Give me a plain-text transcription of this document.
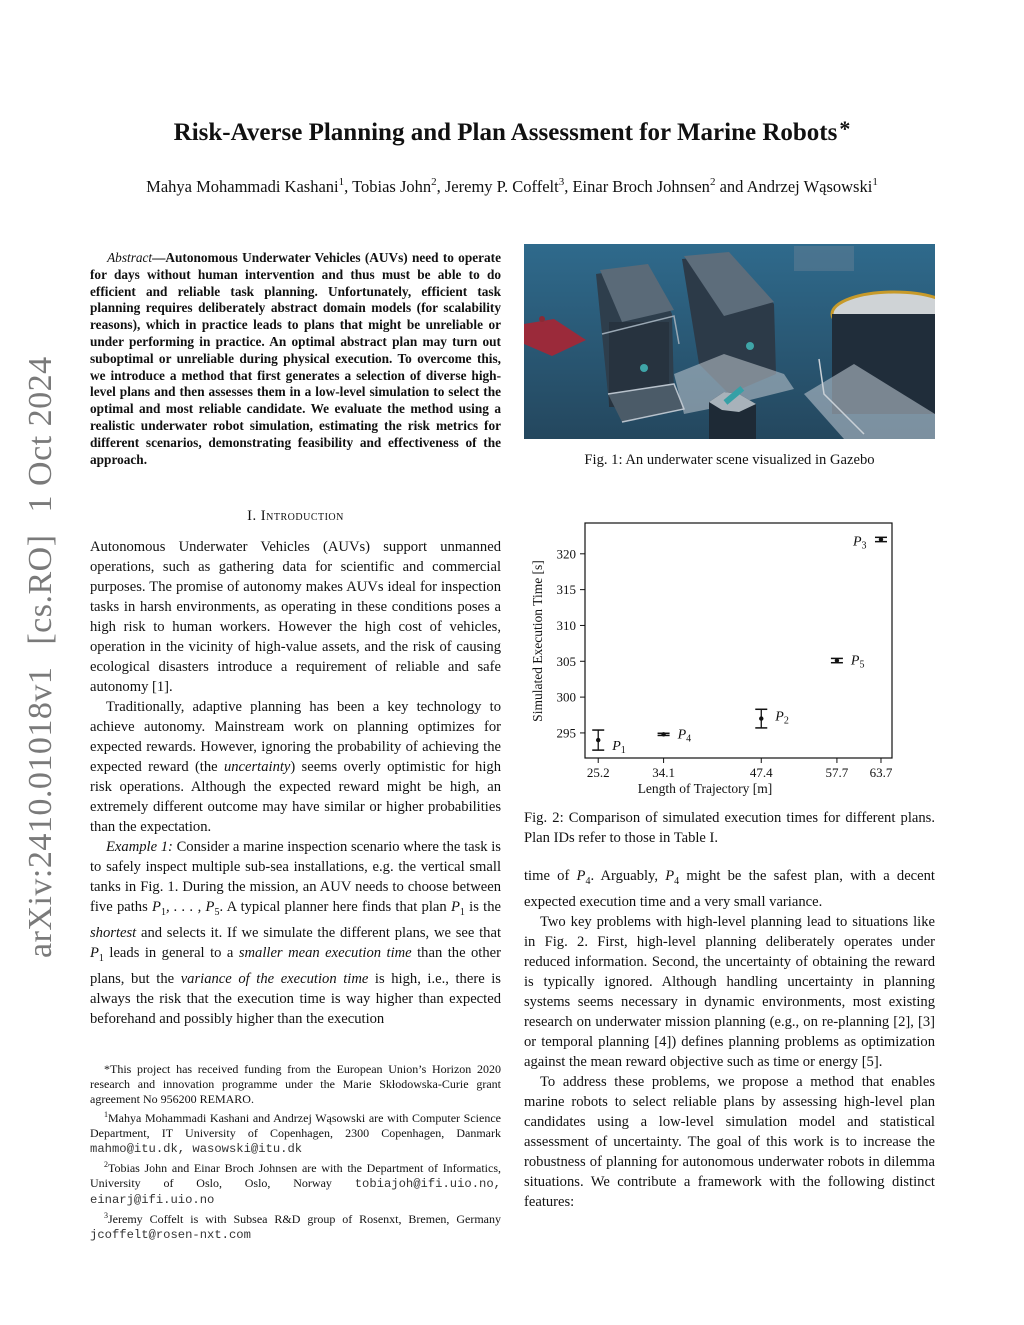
arXiv:2410.01018v1[cs.RO]1 Oct 2024
Risk-Averse Planning and Plan Assessment for Marine Robots*
Mahya Mohammadi Kashani$^1$, Tobias John$^2$, Jeremy P. Coffelt$^3$, Einar Broch Johnsen$^2$ and Andrzej Wąsowski$^1$
Abstract—Autonomous Underwater Vehicles (AUVs) need to operate for days without human intervention and thus must be able to do efficient and reliable task planning. Unfortunately, efficient task planning requires deliberately abstract domain models (for scalability reasons), which in practice leads to plans that might be unreliable or under performing in practice. An optimal abstract plan may turn out suboptimal or unreliable during physical execution. To overcome this, we introduce a method that first generates a selection of diverse high-level plans and then assesses them in a low-level simulation to select the optimal and most reliable candidate. We evaluate the method using a realistic underwater robot simulation, estimating the risk metrics for different scenarios, demonstrating feasibility and effectiveness of the approach.
I. Introduction

Autonomous Underwater Vehicles (AUVs) support unmanned operations, such as gathering data for scientific and commercial purposes. The promise of autonomy makes AUVs ideal for inspection tasks in harsh environments, as operating in these conditions poses a high risk to human workers. However the high cost of vehicles, operation in the vicinity of high-value assets, and the risk of causing ecological disasters introduce a requirement of reliable and safe autonomy [1].

Traditionally, adaptive planning has been a key technology to achieve autonomy. Mainstream work on planning optimizes for expected rewards. However, ignoring the probability of achieving the expected reward (the uncertainty) seems overly optimistic for high risk operations. Although the expected reward might be high, an extremely different outcome may have similar or higher probabilities than the expectation.

Example 1: Consider a marine inspection scenario where the task is to safely inspect multiple sub-sea installations, e.g. the vertical small tanks in Fig. 1. During the mission, an AUV needs to choose between five paths $P_1$, . . . , $P_5$. A typical planner here finds that plan $P_1$ is the shortest and selects it. If we simulate the different plans, we see that $P_1$ leads in general to a smaller mean execution time than the other plans, but the variance of the execution time is high, i.e., there is always the risk that the execution time is way higher than expected beforehand and possibly higher than the execution

*This project has received funding from the European Union’s Horizon 2020 research and innovation programme under the Marie Skłodowska-Curie grant agreement No 956200 REMARO.

$^1$Mahya Mohammadi Kashani and Andrzej Wąsowski are with Computer Science Department, IT University of Copenhagen, 2300 Copenhagen, Danmark mahmo@itu.dk, wasowski@itu.dk

$^2$Tobias John and Einar Broch Johnsen are with the Department of Informatics, University of Oslo, Oslo, Norway tobiajoh@ifi.uio.no, einarj@ifi.uio.no

$^3$Jeremy Coffelt is with Subsea R&D group of Rosenxt, Bremen, Germany jcoffelt@rosen-nxt.com

Fig. 1: An underwater scene visualized in Gazebo
295
300
305
310
315
320
25.2	34.1	47.4	57.7 63.7
$P_1$
$P_4$
$P_2$
$P_5$
$P_3$
Length of Trajectory [m]
Simulated Execution Time [s]
Fig. 2: Comparison of simulated execution times for different plans. Plan IDs refer to those in Table I.

time of $P_4$. Arguably, $P_4$ might be the safest plan, with a decent expected execution time and a very small variance.

Two key problems with high-level planning lead to situations like in Fig. 2. First, high-level planning deliberately operates under reduced information. Second, the uncertainty of obtaining the reward is typically ignored. Although handling uncertainty in planning systems seems necessary in dynamic environments, most existing research on underwater mission planning (e.g., on re-planning [2], [3] or temporal planning [4]) defines planning problems as optimization against the mean reward objective such as time or energy [5].

To address these problems, we propose a method that enables marine robots to select reliable plans by assessing high-level plan candidates using a low-level simulation model and statistical assessment of uncertainty. The goal of this work is to increase the robustness of planning for autonomous underwater robots in dilemma situations. We contribute a framework with the following distinct features:
